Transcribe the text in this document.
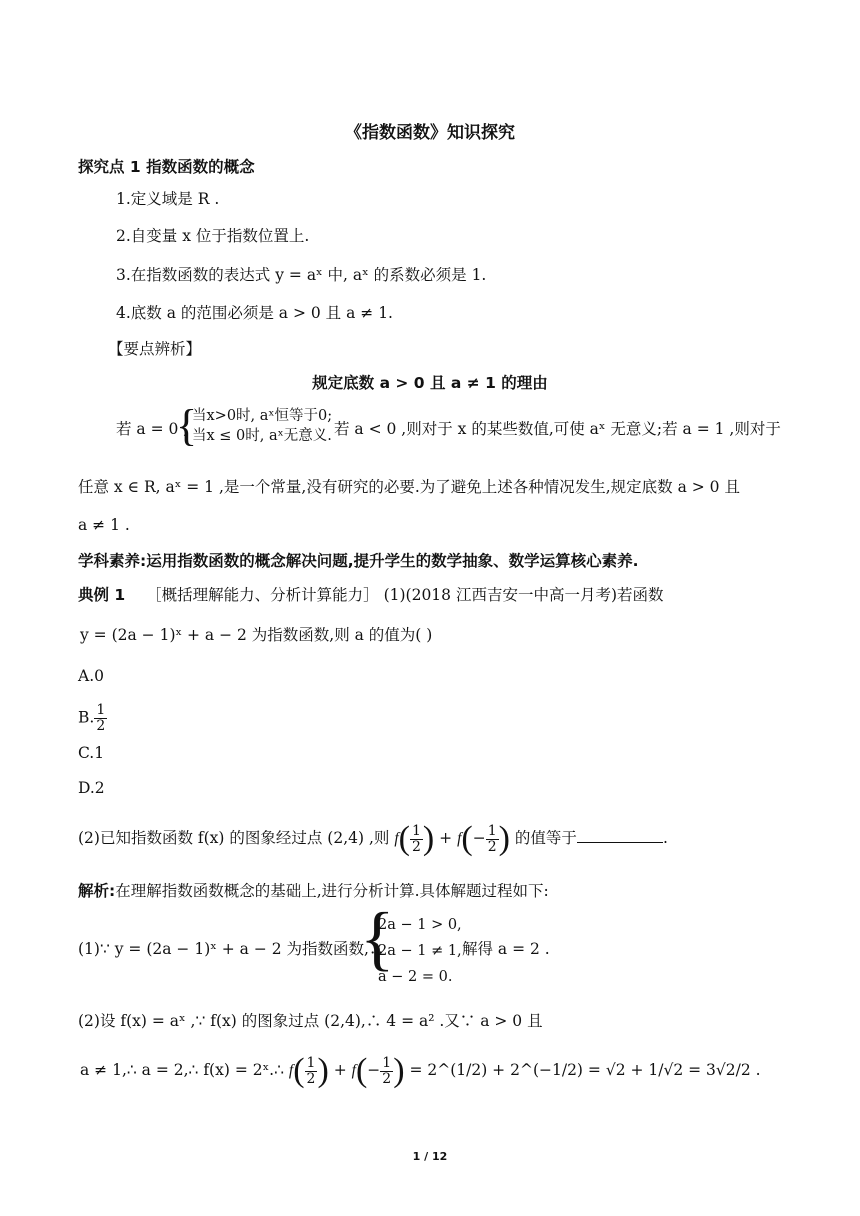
《指数函数》知识探究
探究点 1 指数函数的概念
1.定义域是 R .
2.自变量 x 位于指数位置上.
3.在指数函数的表达式 y = aˣ 中, aˣ 的系数必须是 1.
4.底数 a 的范围必须是 a > 0 且 a ≠ 1.
【要点辨析】
规定底数 a > 0 且 a ≠ 1 的理由
若 a = 0 ,
{
当x>0时, aˣ恒等于0;
当x ≤ 0时, aˣ无意义. 若 a < 0 ,则对于 x 的某些数值,可使 aˣ 无意义;若 a = 1 ,则对于
任意 x ∈ R, aˣ = 1 ,是一个常量,没有研究的必要.为了避免上述各种情况发生,规定底数 a > 0 且
a ≠ 1 .
学科素养:运用指数函数的概念解决问题,提升学生的数学抽象、数学运算核心素养.
典例 1 ［概括理解能力、分析计算能力］ (1)(2018 江西吉安一中高一月考)若函数
y = (2a − 1)ˣ + a − 2 为指数函数,则 a 的值为( )
A.0
B. $\frac{1}{2}$
C.1
D.2
(2)已知指数函数 f(x) 的图象经过点 (2,4) ,则 $f( \frac{1}{2}$ ) + $f(- \frac{1}{2}$ ) 的值等于	.
解析:在理解指数函数概念的基础上,进行分析计算.具体解题过程如下:
(1)∵ y = (2a − 1)ˣ + a − 2 为指数函数,∴
{
2a − 1 > 0,
2a − 1 ≠ 1,
a − 2 = 0.
解得 a = 2 .
(2)设 f(x) = aˣ ,∵ f(x) 的图象过点 (2,4),∴ 4 = a² .又∵ a > 0 且
a ≠ 1,∴ a = 2,∴ f(x) = 2ˣ.∴ $f( \frac{1}{2}$ ) + $f(- \frac{1}{2}$ ) = 2^(1/2) + 2^(−1/2) = √2 + 1/√2 = 3√2/2 .
1 / 12
